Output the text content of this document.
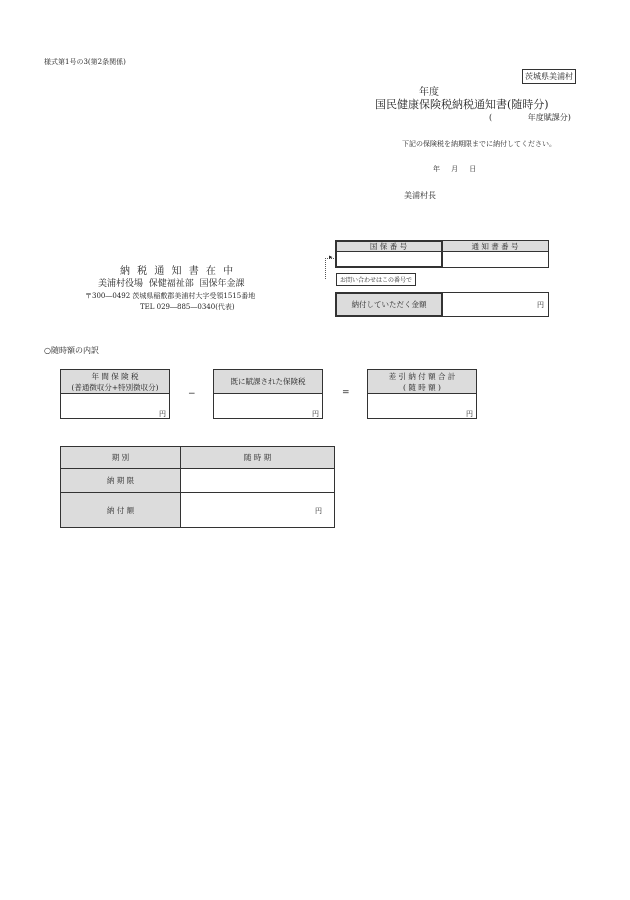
様式第1号の3(第2条関係)
茨城県美浦村
年度
国民健康保険税納税通知書(随時分)
(              年度賦課分)
下記の保険税を納期限までに納付してください。
年     月     日
美浦村長
納 税 通 知 書 在 中
美浦村役場  保健福祉部  国保年金課
〒300―0492 茨城県稲敷郡美浦村大字受領1515番地
TEL 029―885―0340(代表)
国 保 番 号	通 知 書 番 号
▸
お問い合わせはこの番号で
納付していただく金額	円
○随時額の内訳
年 間 保 険 税
(普通徴収分+特別徴収分)
円
−
既に賦課された保険税
円
=
差 引 納 付 額 合 計
( 随 時 額 )
円
期 別	随 時 期
納 期 限
納 付 額	円
